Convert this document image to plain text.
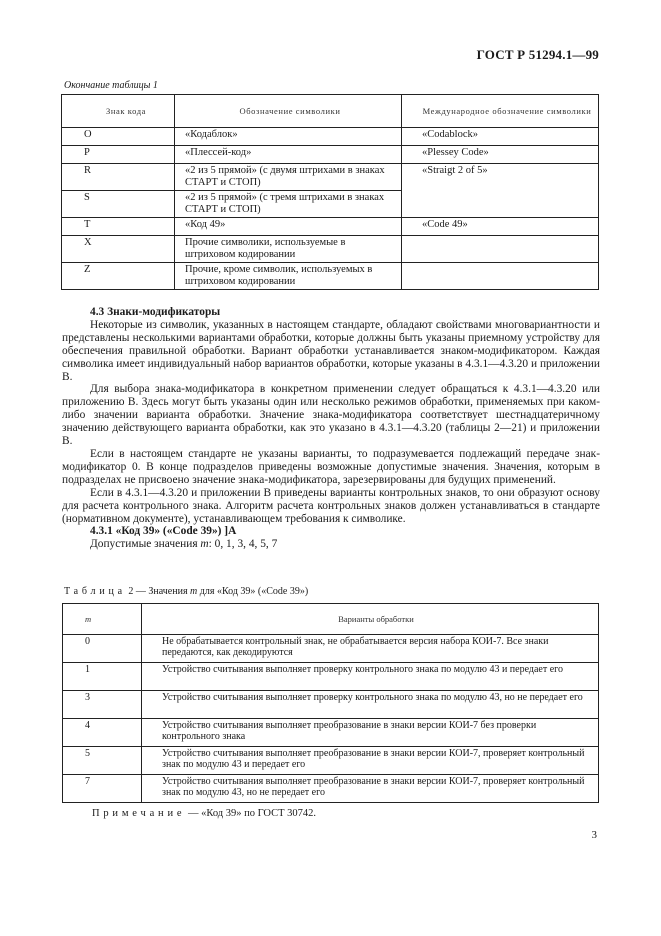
ГОСТ Р 51294.1—99
Окончание таблицы 1
Знак кода	Обозначение символики	Международное обозначение символики
O	«Кодаблок»	«Codablock»
P	«Плессей-код»	«Plessey Code»
R	«2 из 5 прямой» (с двумя штрихами в знаках СТАРТ и СТОП)	«Straigt 2 of 5»
S	«2 из 5 прямой» (с тремя штрихами в знаках СТАРТ и СТОП)	
T	«Код 49»	«Code 49»
X	Прочие символики, используемые в штриховом кодировании	
Z	Прочие, кроме символик, используемых в штриховом кодировании	

4.3 Знаки-модификаторы

Некоторые из символик, указанных в настоящем стандарте, обладают свойствами многовариантности и представлены несколькими вариантами обработки, которые должны быть указаны приемному устройству для обеспечения правильной обработки. Вариант обработки устанавливается знаком-модификатором. Каждая символика имеет индивидуальный набор вариантов обработки, которые указаны в 4.3.1—4.3.20 и приложении В.

Для выбора знака-модификатора в конкретном применении следует обращаться к 4.3.1—4.3.20 или приложению В. Здесь могут быть указаны один или несколько режимов обработки, применяемых при каком-либо значении варианта обработки. Значение знака-модификатора соответствует шестнадцатеричному значению действующего варианта обработки, как это указано в 4.3.1—4.3.20 (таблицы 2—21) и приложении В.

Если в настоящем стандарте не указаны варианты, то подразумевается подлежащий передаче знак-модификатор 0. В конце подразделов приведены возможные допустимые значения. Значения, которым в подразделах не присвоено значение знака-модификатора, зарезервированы для будущих применений.

Если в 4.3.1—4.3.20 и приложении В приведены варианты контрольных знаков, то они образуют основу для расчета контрольного знака. Алгоритм расчета контрольных знаков должен устанавливаться в стандарте (нормативном документе), устанавливающем требования к символике.

4.3.1 «Код 39» («Code 39») ]A

Допустимые значения m: 0, 1, 3, 4, 5, 7

Таблица 2 — Значения m для «Код 39» («Code 39»)
m	Варианты обработки
0	Не обрабатывается контрольный знак, не обрабатывается версия набора КОИ-7. Все знаки передаются, как декодируются
1	Устройство считывания выполняет проверку контрольного знака по модулю 43 и передает его
3	Устройство считывания выполняет проверку контрольного знака по модулю 43, но не передает его
4	Устройство считывания выполняет преобразование в знаки версии КОИ-7 без проверки контрольного знака
5	Устройство считывания выполняет преобразование в знаки версии КОИ-7, проверяет контрольный знак по модулю 43 и передает его
7	Устройство считывания выполняет преобразование в знаки версии КОИ-7, проверяет контрольный знак по модулю 43, но не передает его
Примечание — «Код 39» по ГОСТ 30742.
3
